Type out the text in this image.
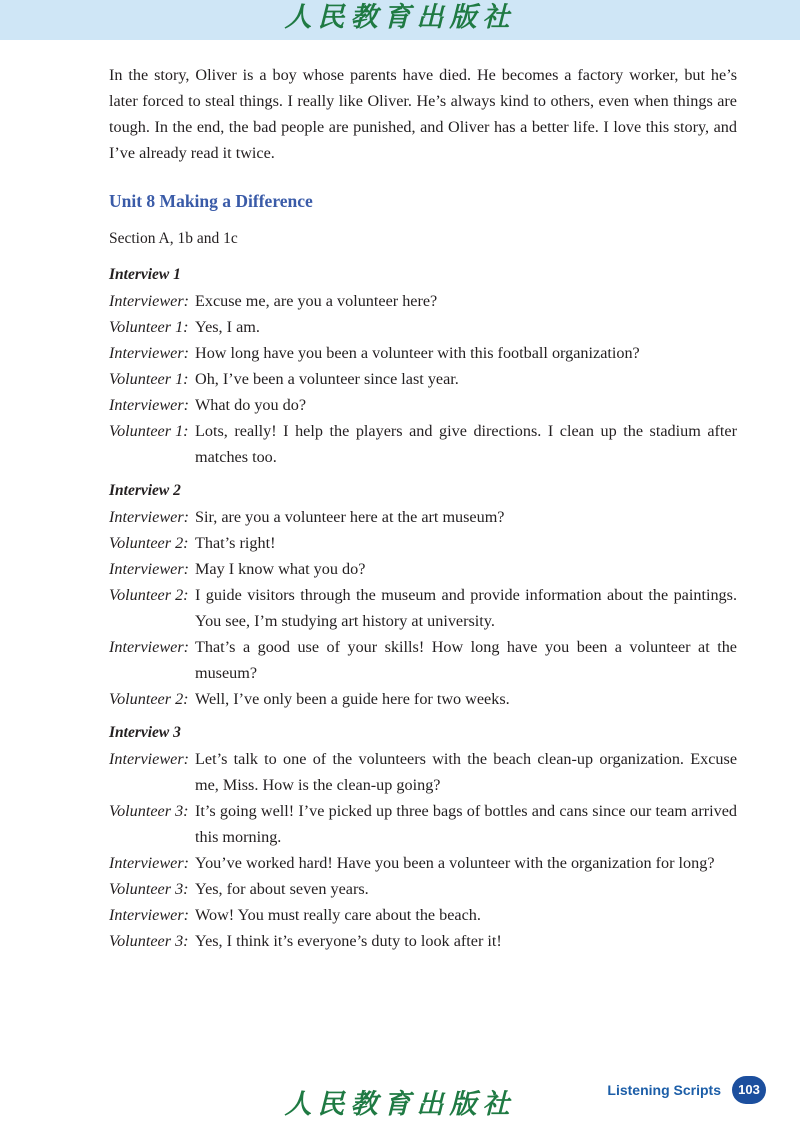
人民教育出版社

In the story, Oliver is a boy whose parents have died. He becomes a factory worker, but he’s later forced to steal things. I really like Oliver. He’s always kind to others, even when things are tough. In the end, the bad people are punished, and Oliver has a better life. I love this story, and I’ve already read it twice.

Unit 8 Making a Difference
Section A, 1b and 1c
Interview 1
Interviewer: Excuse me, are you a volunteer here?
Volunteer 1: Yes, I am.
Interviewer: How long have you been a volunteer with this football organization?
Volunteer 1: Oh, I’ve been a volunteer since last year.
Interviewer: What do you do?
Volunteer 1: Lots, really! I help the players and give directions. I clean up the stadium after matches too.
Interview 2
Interviewer: Sir, are you a volunteer here at the art museum?
Volunteer 2: That’s right!
Interviewer: May I know what you do?
Volunteer 2: I guide visitors through the museum and provide information about the paintings. You see, I’m studying art history at university.
Interviewer: That’s a good use of your skills! How long have you been a volunteer at the museum?
Volunteer 2: Well, I’ve only been a guide here for two weeks.
Interview 3
Interviewer: Let’s talk to one of the volunteers with the beach clean-up organization. Excuse me, Miss. How is the clean-up going?
Volunteer 3: It’s going well! I’ve picked up three bags of bottles and cans since our team arrived this morning.
Interviewer: You’ve worked hard! Have you been a volunteer with the organization for long?
Volunteer 3: Yes, for about seven years.
Interviewer: Wow! You must really care about the beach.
Volunteer 3: Yes, I think it’s everyone’s duty to look after it!
Listening Scripts	103
人民教育出版社
